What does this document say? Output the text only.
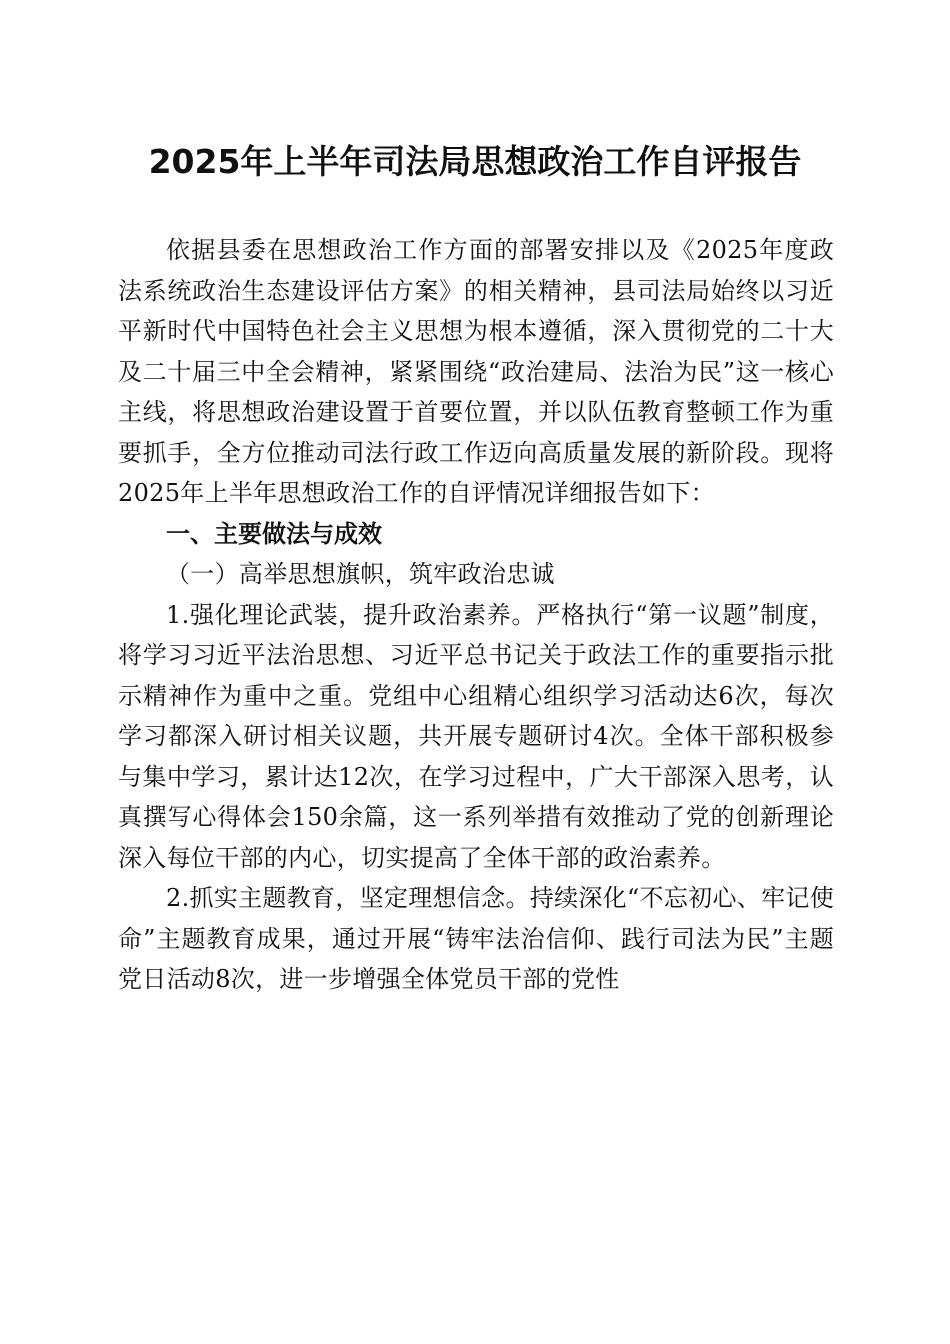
2025年上半年司法局思想政治工作自评报告

依据县委在思想政治工作方面的部署安排以及《2025年度政法系统政治生态建设评估方案》的相关精神，县司法局始终以习近平新时代中国特色社会主义思想为根本遵循，深入贯彻党的二十大及二十届三中全会精神，紧紧围绕“政治建局、法治为民”这一核心主线，将思想政治建设置于首要位置，并以队伍教育整顿工作为重要抓手，全方位推动司法行政工作迈向高质量发展的新阶段。现将2025年上半年思想政治工作的自评情况详细报告如下：

一、主要做法与成效

（一）高举思想旗帜，筑牢政治忠诚

1.强化理论武装，提升政治素养。严格执行“第一议题”制度，将学习习近平法治思想、习近平总书记关于政法工作的重要指示批示精神作为重中之重。党组中心组精心组织学习活动达6次，每次学习都深入研讨相关议题，共开展专题研讨4次。全体干部积极参与集中学习，累计达12次，在学习过程中，广大干部深入思考，认真撰写心得体会150余篇，这一系列举措有效推动了党的创新理论深入每位干部的内心，切实提高了全体干部的政治素养。

2.抓实主题教育，坚定理想信念。持续深化“不忘初心、牢记使命”主题教育成果，通过开展“铸牢法治信仰、践行司法为民”主题党日活动8次，进一步增强全体党员干部的党性
